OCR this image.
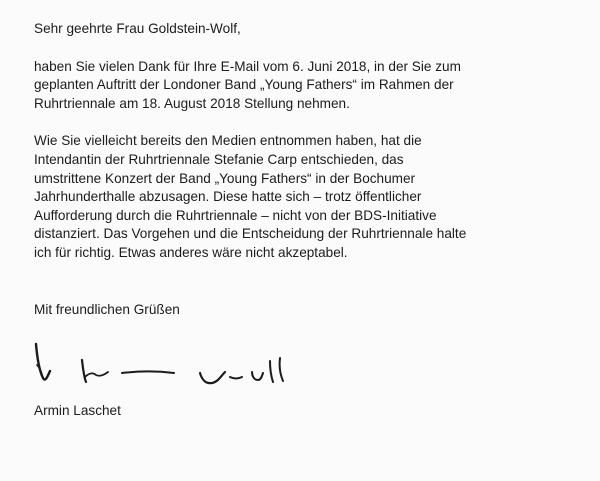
Sehr geehrte Frau Goldstein-Wolf,

haben Sie vielen Dank für Ihre E-Mail vom 6. Juni 2018, in der Sie zum
geplanten Auftritt der Londoner Band „Young Fathers“ im Rahmen der
Ruhrtriennale am 18. August 2018 Stellung nehmen.

Wie Sie vielleicht bereits den Medien entnommen haben, hat die
Intendantin der Ruhrtriennale Stefanie Carp entschieden, das
umstrittene Konzert der Band „Young Fathers“ in der Bochumer
Jahrhunderthalle abzusagen. Diese hatte sich – trotz öffentlicher
Aufforderung durch die Ruhrtriennale – nicht von der BDS-Initiative
distanziert. Das Vorgehen und die Entscheidung der Ruhrtriennale halte
ich für richtig. Etwas anderes wäre nicht akzeptabel.

Mit freundlichen Grüßen

Armin Laschet
